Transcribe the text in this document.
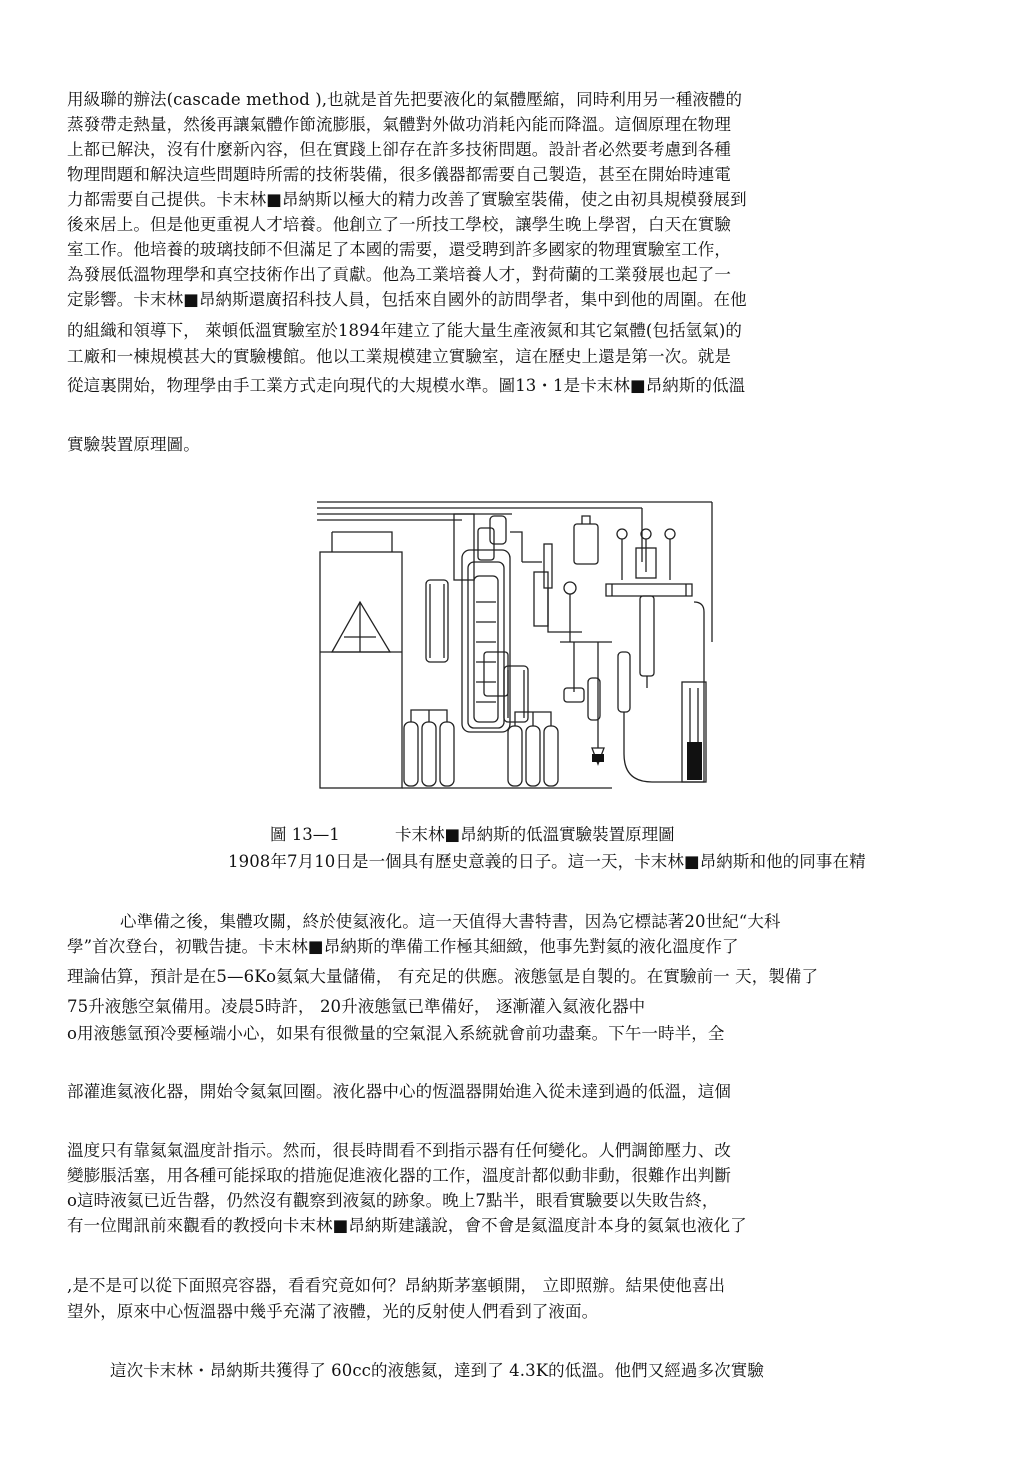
用級聯的辦法(cascade method ),也就是首先把要液化的氣體壓縮，同時利用另一種液體的
蒸發帶走熱量，然後再讓氣體作節流膨脹，氣體對外做功消耗內能而降溫。這個原理在物理
上都已解決，沒有什麼新內容，但在實踐上卻存在許多技術問題。設計者必然要考慮到各種
物理問題和解決這些問題時所需的技術裝備，很多儀器都需要自己製造，甚至在開始時連電
力都需要自己提供。卡末林■昂納斯以極大的精力改善了實驗室裝備，使之由初具規模發展到
後來居上。但是他更重視人才培養。他創立了一所技工學校，讓學生晚上學習，白天在實驗
室工作。他培養的玻璃技師不但滿足了本國的需要，還受聘到許多國家的物理實驗室工作，
為發展低溫物理學和真空技術作出了貢獻。他為工業培養人才，對荷蘭的工業發展也起了一
定影響。卡末林■昂納斯還廣招科技人員，包括來自國外的訪問學者，集中到他的周圍。在他
的組織和領導下， 萊頓低溫實驗室於1894年建立了能大量生產液氮和其它氣體(包括氫氣)的
工廠和一棟規模甚大的實驗樓館。他以工業規模建立實驗室，這在歷史上還是第一次。就是
從這裏開始，物理學由手工業方式走向現代的大規模水準。圖13・1是卡末林■昂納斯的低溫
實驗裝置原理圖。
圖 13—1	卡末林■昂納斯的低溫實驗裝置原理圖
1908年7月10日是一個具有歷史意義的日子。這一天，卡末林■昂納斯和他的同事在精
心準備之後，集體攻關，終於使氦液化。這一天值得大書特書，因為它標誌著20世紀“大科
學”首次登台，初戰告捷。卡末林■昂納斯的準備工作極其細緻，他事先對氦的液化溫度作了
理論估算，預計是在5—6Ko氦氣大量儲備， 有充足的供應。液態氫是自製的。在實驗前一 天，製備了
75升液態空氣備用。凌晨5時許， 20升液態氫已準備好， 逐漸灌入氦液化器中
o用液態氫預冷要極端小心，如果有很微量的空氣混入系統就會前功盡棄。下午一時半，全
部灌進氦液化器，開始令氦氣回圈。液化器中心的恆溫器開始進入從未達到過的低溫，這個
溫度只有靠氦氣溫度計指示。然而，很長時間看不到指示器有任何變化。人們調節壓力、改
變膨脹活塞，用各種可能採取的措施促進液化器的工作，溫度計都似動非動，很難作出判斷
o這時液氦已近告罄，仍然沒有觀察到液氦的跡象。晚上7點半，眼看實驗要以失敗告終，
有一位聞訊前來觀看的教授向卡末林■昂納斯建議說，會不會是氦溫度計本身的氦氣也液化了
,是不是可以從下面照亮容器，看看究竟如何？昂納斯茅塞頓開， 立即照辦。結果使他喜出
望外，原來中心恆溫器中幾乎充滿了液體，光的反射使人們看到了液面。
這次卡末林・昂納斯共獲得了 60cc的液態氦，達到了 4.3K的低溫。他們又經過多次實驗
